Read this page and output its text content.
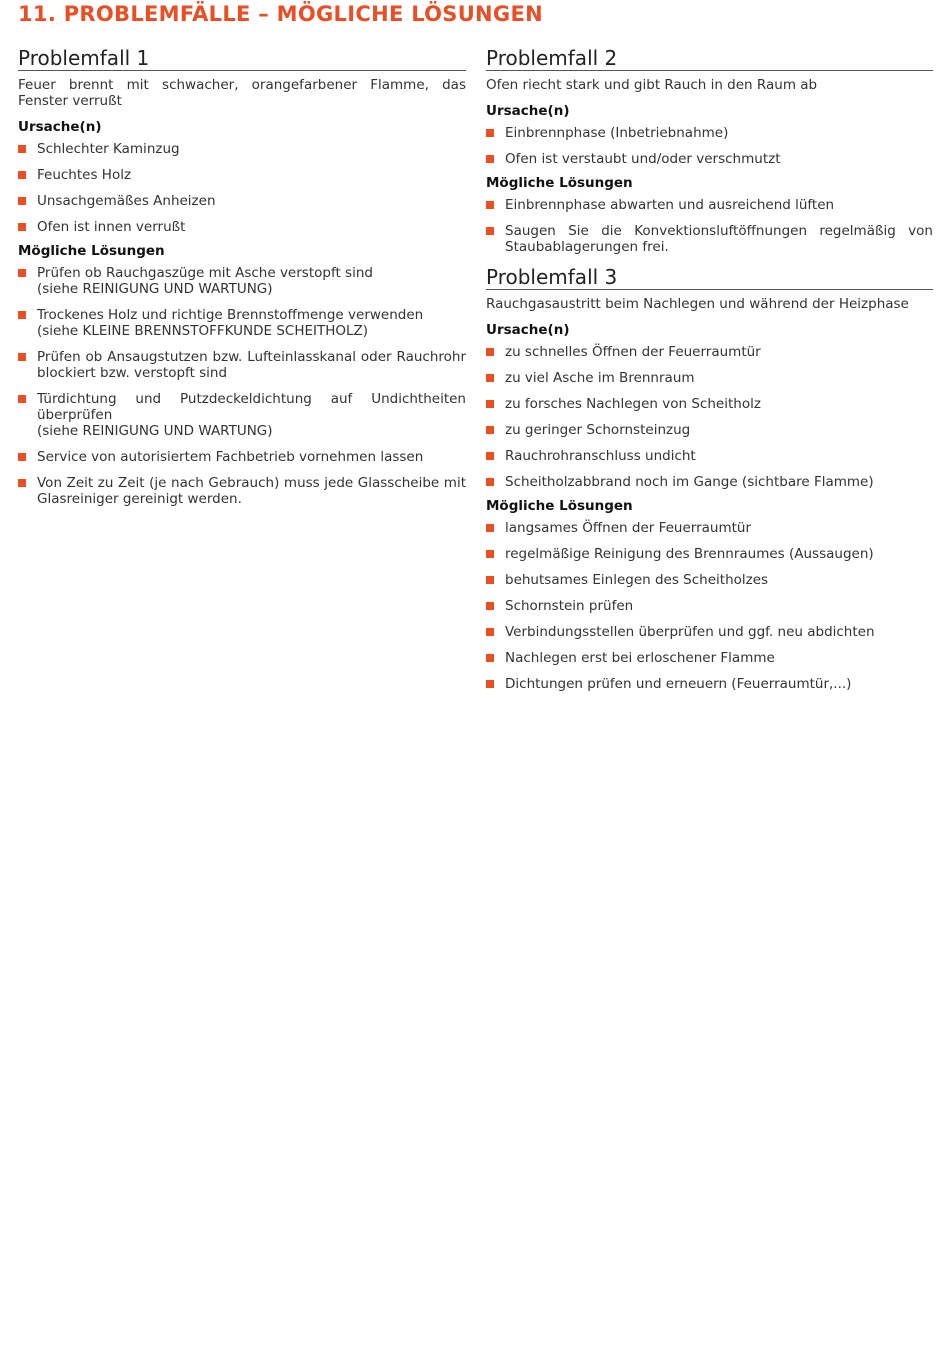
11. PROBLEMFÄLLE – MÖGLICHE LÖSUNGEN
Problemfall 1

Feuer brennt mit schwacher, orangefarbener Flamme, das Fenster verrußt

Ursache(n)

Schlechter Kaminzug
Feuchtes Holz
Unsachgemäßes Anheizen
Ofen ist innen verrußt

Mögliche Lösungen

Prüfen ob Rauchgaszüge mit Asche verstopft sind
(siehe REINIGUNG UND WARTUNG)
Trockenes Holz und richtige Brennstoffmenge verwenden
(siehe KLEINE BRENNSTOFFKUNDE SCHEITHOLZ)
Prüfen ob Ansaugstutzen bzw. Lufteinlasskanal oder Rauchrohr blockiert bzw. verstopft sind
Türdichtung und Putzdeckeldichtung auf Undichtheiten überprüfen
(siehe REINIGUNG UND WARTUNG)
Service von autorisiertem Fachbetrieb vornehmen lassen
Von Zeit zu Zeit (je nach Gebrauch) muss jede Glasscheibe mit Glasreiniger gereinigt werden.
Problemfall 2

Ofen riecht stark und gibt Rauch in den Raum ab

Ursache(n)

Einbrennphase (Inbetriebnahme)
Ofen ist verstaubt und/oder verschmutzt

Mögliche Lösungen

Einbrennphase abwarten und ausreichend lüften
Saugen Sie die Konvektionsluftöffnungen regelmäßig von Staubablagerungen frei.
Problemfall 3

Rauchgasaustritt beim Nachlegen und während der Heizphase

Ursache(n)

zu schnelles Öffnen der Feuerraumtür
zu viel Asche im Brennraum
zu forsches Nachlegen von Scheitholz
zu geringer Schornsteinzug
Rauchrohranschluss undicht
Scheitholzabbrand noch im Gange (sichtbare Flamme)

Mögliche Lösungen

langsames Öffnen der Feuerraumtür
regelmäßige Reinigung des Brennraumes (Aussaugen)
behutsames Einlegen des Scheitholzes
Schornstein prüfen
Verbindungsstellen überprüfen und ggf. neu abdichten
Nachlegen erst bei erloschener Flamme
Dichtungen prüfen und erneuern (Feuerraumtür,...)
